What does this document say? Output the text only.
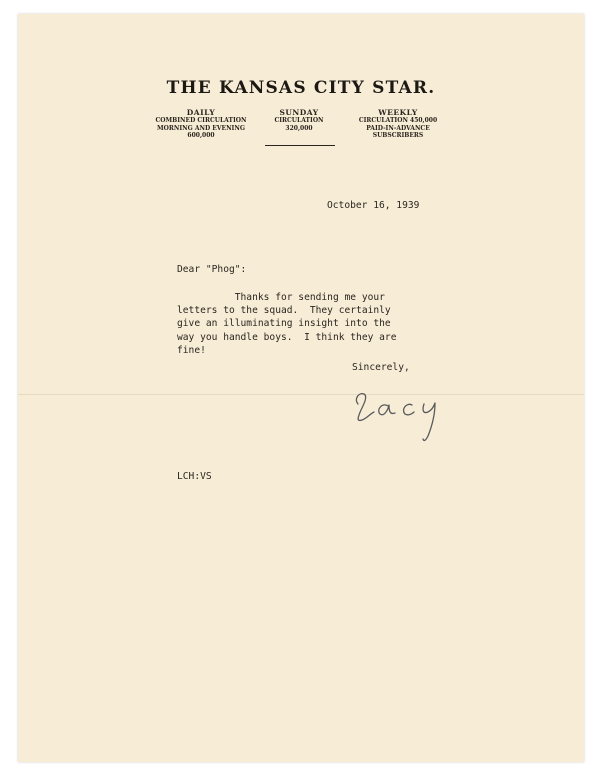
THE KANSAS CITY STAR.
DAILY
COMBINED CIRCULATION
MORNING AND EVENING
600,000
SUNDAY
CIRCULATION
320,000
WEEKLY
CIRCULATION 450,000
PAID-IN-ADVANCE
SUBSCRIBERS
October 16, 1939
Dear "Phog":
Thanks for sending me your
letters to the squad.  They certainly
give an illuminating insight into the
way you handle boys.  I think they are
fine!
Sincerely,
LCH:VS
